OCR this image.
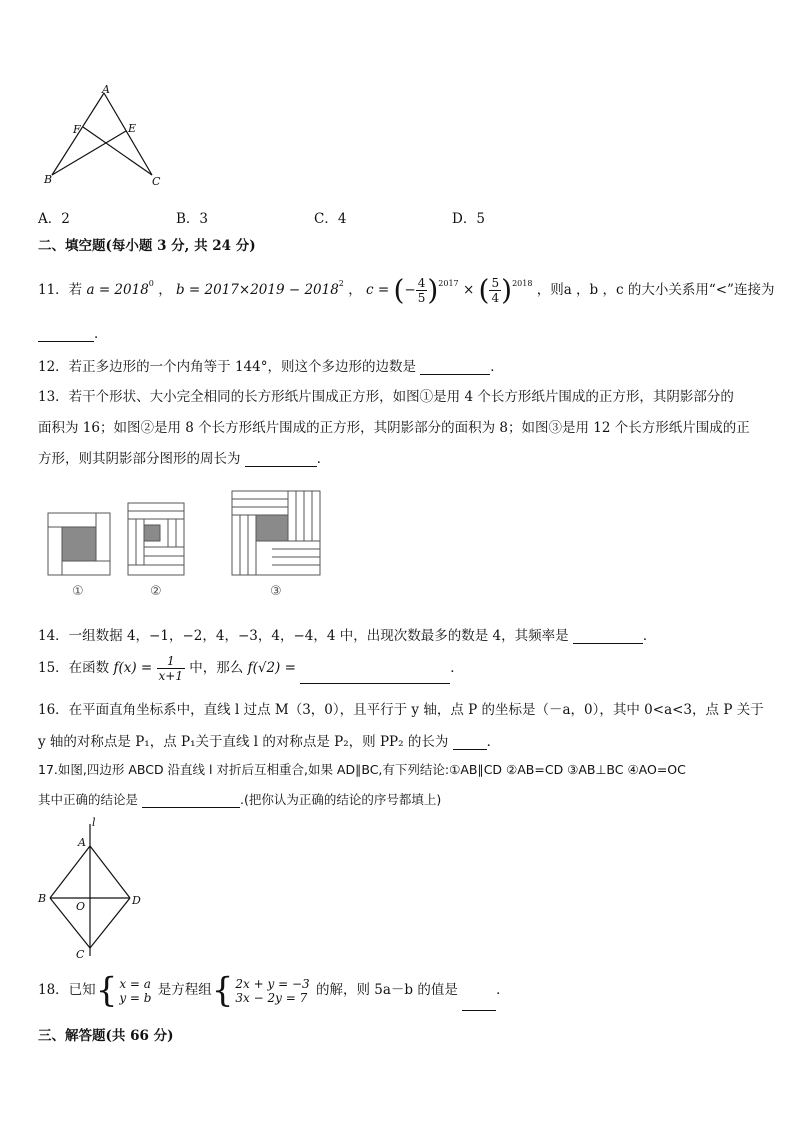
A
F	E
B	C
A．2	B．3	C．4	D．5
二、填空题(每小题 3 分, 共 24 分)
11．若 $a = 2018^0$ ， $b = 2017\times 2019 - 2018^2$ ， c = (− $\frac{4}{5} )^{2017}$ × ( $\frac{5}{4} )^{2018}$ ，则a ，b ，c 的大小关系用“<”连接为
．
12．若正多边形的一个内角等于 144°，则这个多边形的边数是	．
13．若干个形状、大小完全相同的长方形纸片围成正方形，如图①是用 4 个长方形纸片围成的正方形，其阴影部分的
面积为 16；如图②是用 8 个长方形纸片围成的正方形，其阴影部分的面积为 8；如图③是用 12 个长方形纸片围成的正
方形，则其阴影部分图形的周长为	．
①	②	③
14．一组数据 4，−1，−2，4，−3，4，−4，4 中，出现次数最多的数是 4，其频率是	．
15．在函数 $f(x) = \frac{1}{x+1}$ 中，那么 f(√2) =	．
16．在平面直角坐标系中，直线 l 过点 M（3，0），且平行于 y 轴，点 P 的坐标是（－a，0），其中 0<a<3，点 P 关于
y 轴的对称点是 P₁，点 P₁关于直线 l 的对称点是 P₂，则 PP₂ 的长为	．
17.如图,四边形 ABCD 沿直线 l 对折后互相重合,如果 AD∥BC,有下列结论:①AB∥CD ②AB=CD ③AB⊥BC ④AO=OC
其中正确的结论是	.(把你认为正确的结论的序号都填上)
l
A
B
O	D
C
18．已知{ x = a
y = b 是方程组{ 2x + y = −3
3x − 2y = 7 的解，则 5a－b 的值是	．
三、解答题(共 66 分)
